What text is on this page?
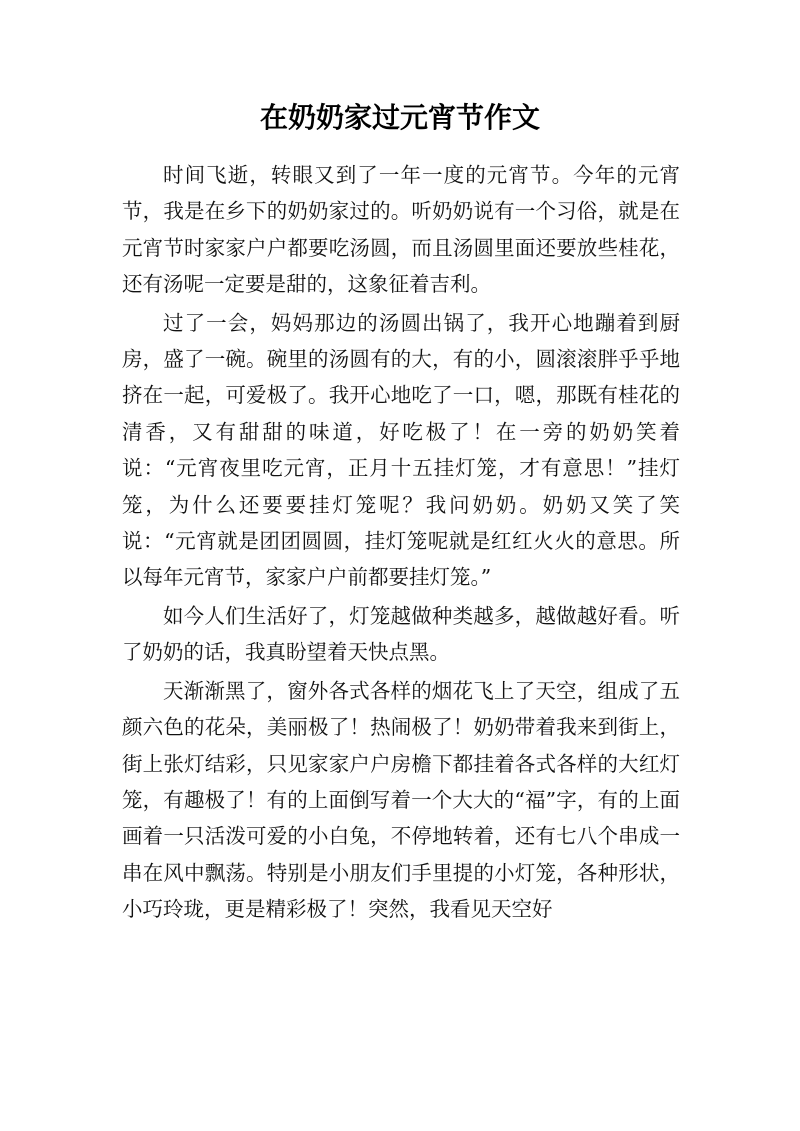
在奶奶家过元宵节作文

时间飞逝，转眼又到了一年一度的元宵节。今年的元宵节，我是在乡下的奶奶家过的。听奶奶说有一个习俗，就是在元宵节时家家户户都要吃汤圆，而且汤圆里面还要放些桂花，还有汤呢一定要是甜的，这象征着吉利。

过了一会，妈妈那边的汤圆出锅了，我开心地蹦着到厨房，盛了一碗。碗里的汤圆有的大，有的小，圆滚滚胖乎乎地挤在一起，可爱极了。我开心地吃了一口，嗯，那既有桂花的清香，又有甜甜的味道，好吃极了！在一旁的奶奶笑着说：“元宵夜里吃元宵，正月十五挂灯笼，才有意思！”挂灯笼，为什么还要要挂灯笼呢？我问奶奶。奶奶又笑了笑说：“元宵就是团团圆圆，挂灯笼呢就是红红火火的意思。所以每年元宵节，家家户户前都要挂灯笼。”

如今人们生活好了，灯笼越做种类越多，越做越好看。听了奶奶的话，我真盼望着天快点黑。

天渐渐黑了，窗外各式各样的烟花飞上了天空，组成了五颜六色的花朵，美丽极了！热闹极了！奶奶带着我来到街上，街上张灯结彩，只见家家户户房檐下都挂着各式各样的大红灯笼，有趣极了！有的上面倒写着一个大大的“福”字，有的上面画着一只活泼可爱的小白兔，不停地转着，还有七八个串成一串在风中飘荡。特别是小朋友们手里提的小灯笼，各种形状，小巧玲珑，更是精彩极了！突然，我看见天空好
